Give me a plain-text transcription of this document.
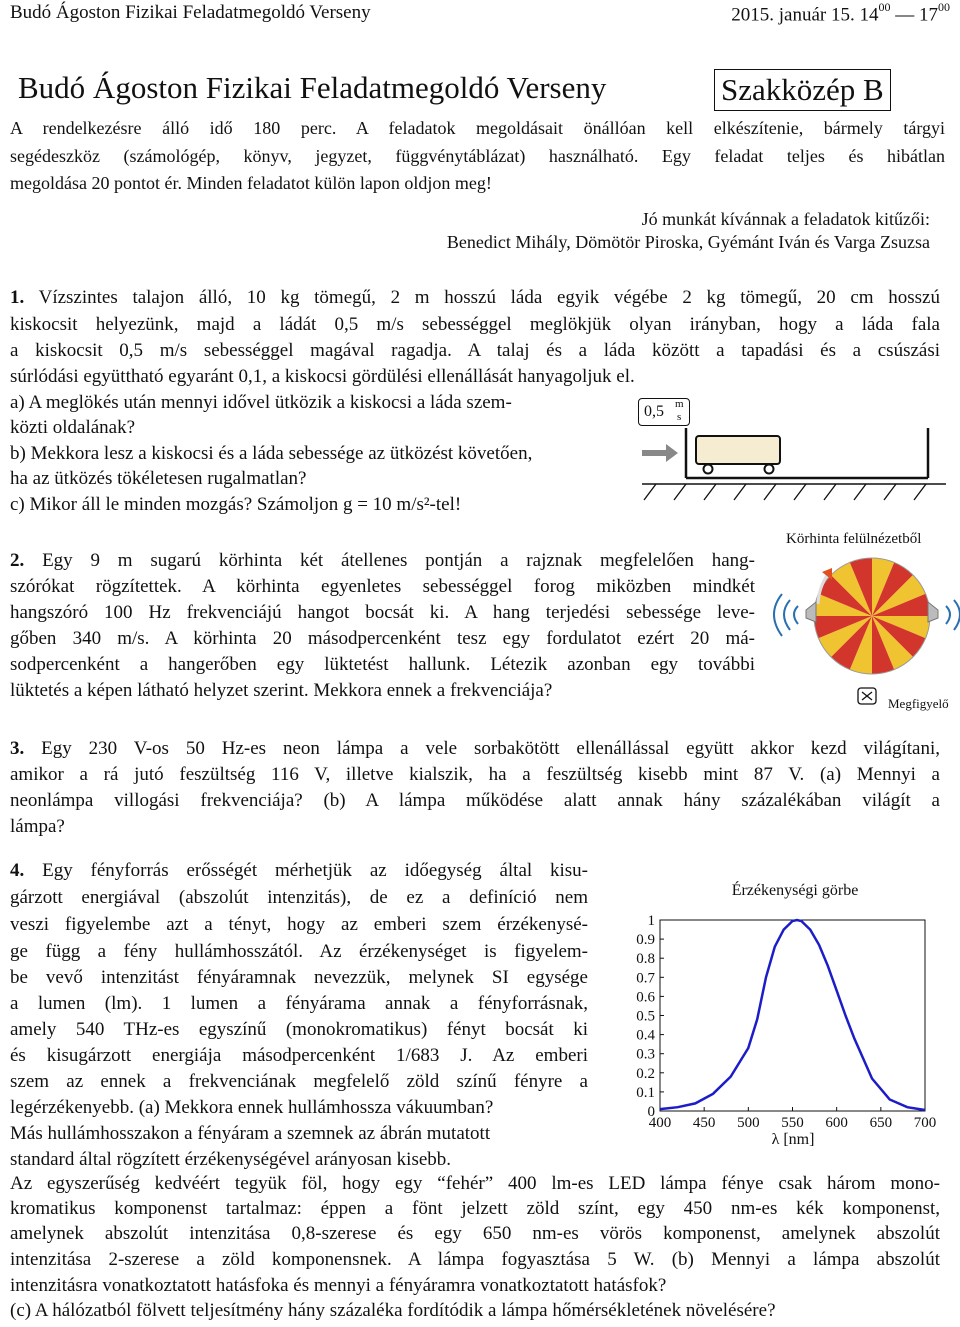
Budó Ágoston Fizikai Feladatmegoldó Verseny	2015. január 15. $14^{00}$ — $17^{00}$
Budó Ágoston Fizikai Feladatmegoldó Verseny	Szakközép B
A rendelkezésre álló idő 180 perc. A feladatok megoldásait önállóan kell elkészítenie, bármely tárgyi
segédeszköz (számológép, könyv, jegyzet, függvénytáblázat) használható. Egy feladat teljes és hibátlan
megoldása 20 pontot ér. Minden feladatot külön lapon oldjon meg!
Jó munkát kívánnak a feladatok kitűzői:
Benedict Mihály, Dömötör Piroska, Gyémánt Iván és Varga Zsuzsa
1. Vízszintes talajon álló, 10 kg tömegű, 2 m hosszú láda egyik végébe 2 kg tömegű, 20 cm hosszú
kiskocsit helyezünk, majd a ládát 0,5 m/s sebességgel meglökjük olyan irányban, hogy a láda fala
a kiskocsit 0,5 m/s sebességgel magával ragadja. A talaj és a láda között a tapadási és a csúszási
súrlódási együttható egyaránt 0,1, a kiskocsi gördülési ellenállását hanyagoljuk el.
a) A meglökés után mennyi idővel ütközik a kiskocsi a láda szem-
közti oldalának?
b) Mekkora lesz a kiskocsi és a láda sebessége az ütközést követően,
ha az ütközés tökéletesen rugalmatlan?
c) Mikor áll le minden mozgás? Számoljon g = 10 m/s²-tel!
0,5 m
s
2. Egy 9 m sugarú körhinta két átellenes pontján a rajznak megfelelően hang-
szórókat rögzítettek. A körhinta egyenletes sebességgel forog miközben mindkét
hangszóró 100 Hz frekvenciájú hangot bocsát ki. A hang terjedési sebessége leve-
gőben 340 m/s. A körhinta 20 másodpercenként tesz egy fordulatot ezért 20 má-
sodpercenként a hangerőben egy lüktetést hallunk. Létezik azonban egy további
lüktetés a képen látható helyzet szerint. Mekkora ennek a frekvenciája?
Körhinta felülnézetből
Megfigyelő
3. Egy 230 V-os 50 Hz-es neon lámpa a vele sorbakötött ellenállással együtt akkor kezd világítani,
amikor a rá jutó feszültség 116 V, illetve kialszik, ha a feszültség kisebb mint 87 V. (a) Mennyi a
neonlámpa villogási frekvenciája? (b) A lámpa működése alatt annak hány százalékában világít a
lámpa?
4. Egy fényforrás erősségét mérhetjük az időegység által kisu-
gárzott energiával (abszolút intenzitás), de ez a definíció nem
veszi figyelembe azt a tényt, hogy az emberi szem érzékenysé-
ge függ a fény hullámhosszától. Az érzékenységet is figyelem-
be vevő intenzitást fényáramnak nevezzük, melynek SI egysége
a lumen (lm). 1 lumen a fényárama annak a fényforrásnak,
amely 540 THz-es egyszínű (monokromatikus) fényt bocsát ki
és kisugárzott energiája másodpercenként 1/683 J. Az emberi
szem az ennek a frekvenciának megfelelő zöld színű fényre a
legérzékenyebb. (a) Mekkora ennek hullámhossza vákuumban?
Más hullámhosszakon a fényáram a szemnek az ábrán mutatott
standard által rögzített érzékenységével arányosan kisebb.
Az egyszerűség kedvéért tegyük föl, hogy egy “fehér” 400 lm-es LED lámpa fénye csak három mono-
kromatikus komponenst tartalmaz: éppen a fönt jelzett zöld színt, egy 450 nm-es kék komponenst,
amelynek abszolút intenzitása 0,8-szerese és egy 650 nm-es vörös komponenst, amelynek abszolút
intenzitása 2-szerese a zöld komponensnek. A lámpa fogyasztása 5 W. (b) Mennyi a lámpa abszolút
intenzitásra vonatkoztatott hatásfoka és mennyi a fényáramra vonatkoztatott hatásfok?
(c) A hálózatból fölvett teljesítmény hány százaléka fordítódik a lámpa hőmérsékletének növelésére?
Érzékenységi görbe
λ [nm]
400 450 500 550 600 650 700
0
0.1
0.2
0.3
0.4
0.5
0.6
0.7
0.8
0.9
1
